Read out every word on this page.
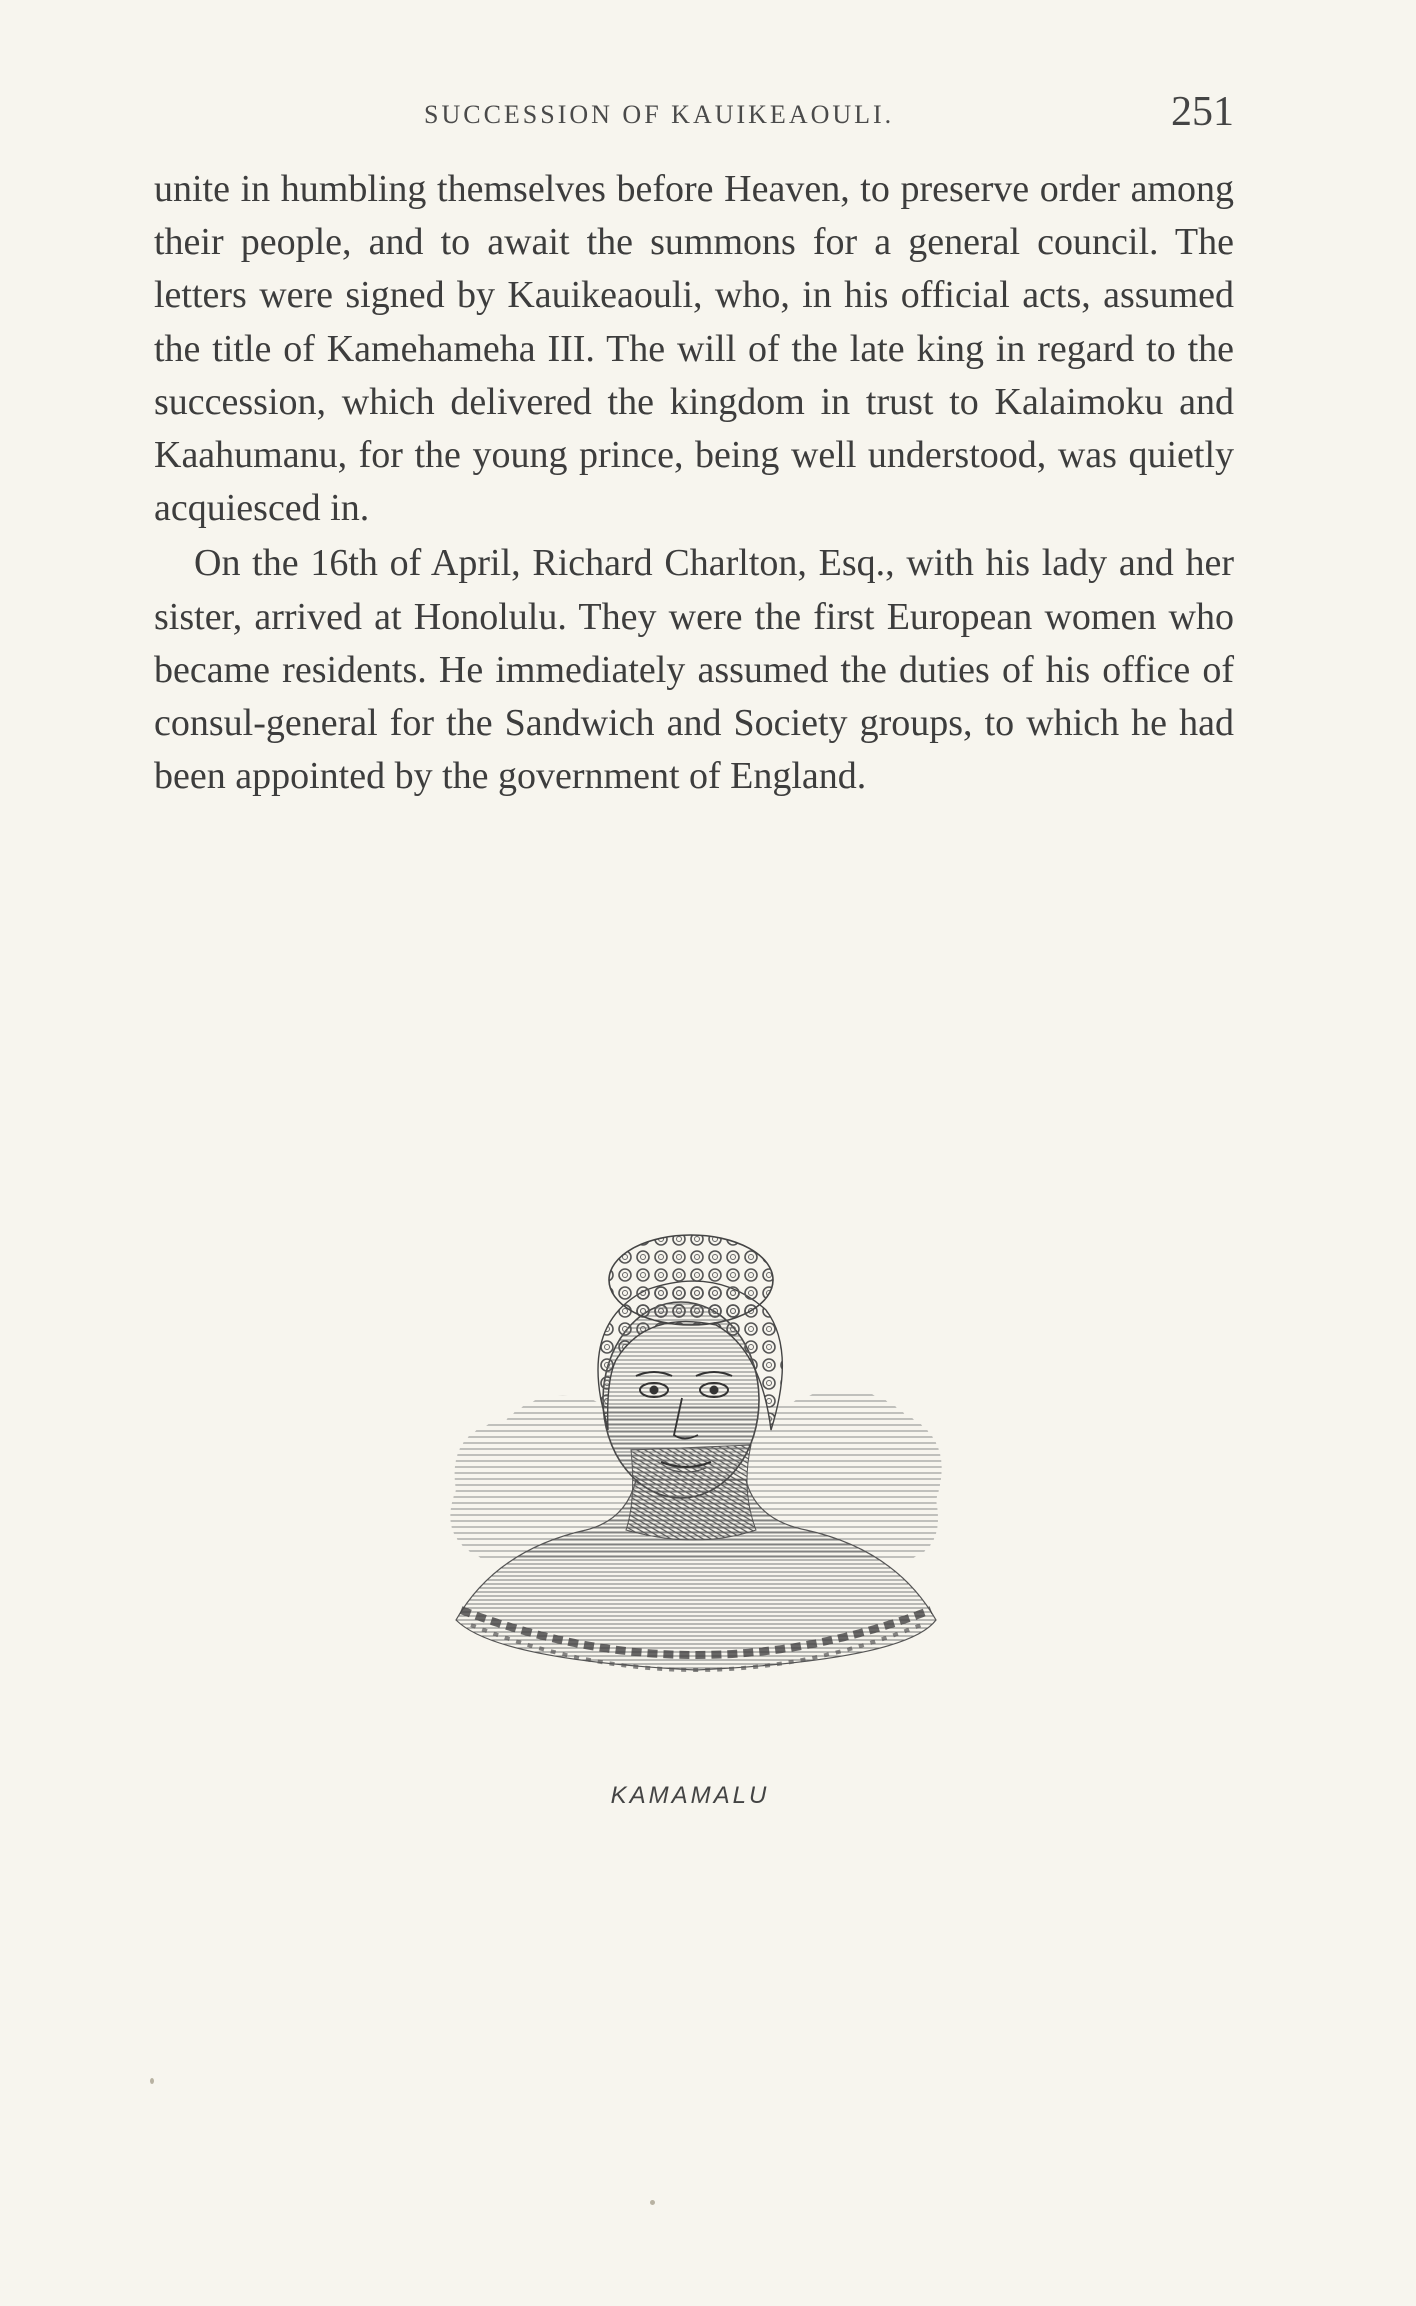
SUCCESSION OF KAUIKEAOULI.	251

unite in humbling themselves before Heaven, to preserve order among their people, and to await the summons for a general council. The letters were signed by Kauikeaouli, who, in his official acts, assumed the title of Kamehameha III. The will of the late king in regard to the succession, which delivered the kingdom in trust to Kalaimoku and Kaahumanu, for the young prince, being well understood, was quietly acquiesced in.

On the 16th of April, Richard Charlton, Esq., with his lady and her sister, arrived at Honolulu. They were the first European women who became residents. He immediately assumed the duties of his office of consul-general for the Sandwich and Society groups, to which he had been appointed by the government of England.

KAMAMALU
